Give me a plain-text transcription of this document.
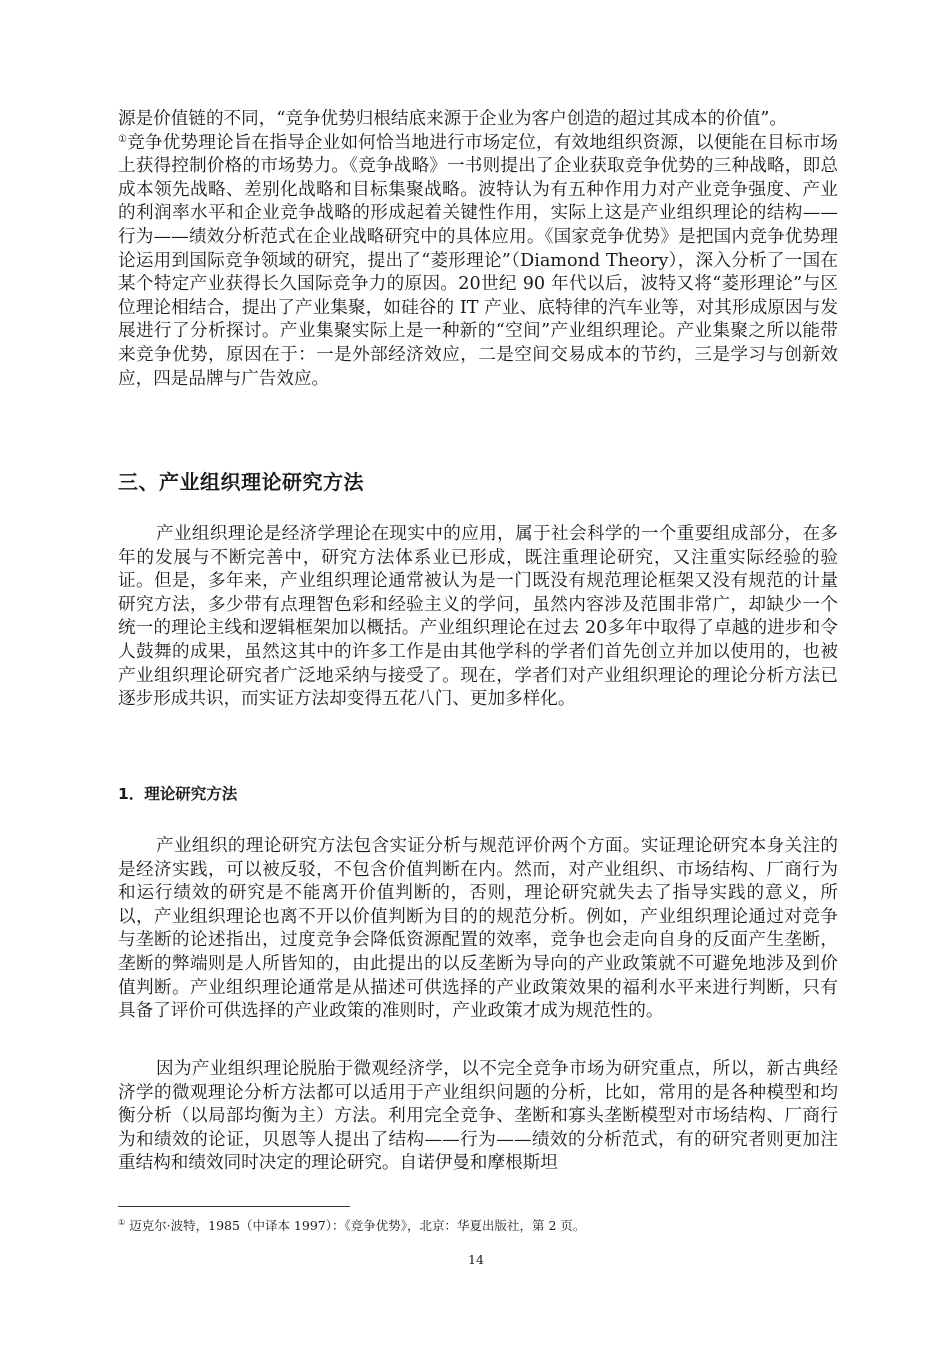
源是价值链的不同，“竞争优势归根结底来源于企业为客户创造的超过其成本的价值”。
①竞争优势理论旨在指导企业如何恰当地进行市场定位，有效地组织资源，以便能在目标市场上获得控制价格的市场势力。《竞争战略》一书则提出了企业获取竞争优势的三种战略，即总成本领先战略、差别化战略和目标集聚战略。波特认为有五种作用力对产业竞争强度、产业的利润率水平和企业竞争战略的形成起着关键性作用，实际上这是产业组织理论的结构——行为——绩效分析范式在企业战略研究中的具体应用。《国家竞争优势》是把国内竞争优势理论运用到国际竞争领域的研究，提出了“菱形理论”（Diamond Theory），深入分析了一国在某个特定产业获得长久国际竞争力的原因。20世纪 90 年代以后，波特又将“菱形理论”与区位理论相结合，提出了产业集聚，如硅谷的 IT 产业、底特律的汽车业等，对其形成原因与发展进行了分析探讨。产业集聚实际上是一种新的“空间”产业组织理论。产业集聚之所以能带来竞争优势，原因在于：一是外部经济效应，二是空间交易成本的节约，三是学习与创新效应，四是品牌与广告效应。

三、产业组织理论研究方法

产业组织理论是经济学理论在现实中的应用，属于社会科学的一个重要组成部分，在多年的发展与不断完善中，研究方法体系业已形成，既注重理论研究，又注重实际经验的验证。但是，多年来，产业组织理论通常被认为是一门既没有规范理论框架又没有规范的计量研究方法，多少带有点理智色彩和经验主义的学问，虽然内容涉及范围非常广，却缺少一个统一的理论主线和逻辑框架加以概括。产业组织理论在过去 20多年中取得了卓越的进步和令人鼓舞的成果，虽然这其中的许多工作是由其他学科的学者们首先创立并加以使用的，也被产业组织理论研究者广泛地采纳与接受了。现在，学者们对产业组织理论的理论分析方法已逐步形成共识，而实证方法却变得五花八门、更加多样化。

1．理论研究方法

产业组织的理论研究方法包含实证分析与规范评价两个方面。实证理论研究本身关注的是经济实践，可以被反驳，不包含价值判断在内。然而，对产业组织、市场结构、厂商行为和运行绩效的研究是不能离开价值判断的，否则，理论研究就失去了指导实践的意义，所以，产业组织理论也离不开以价值判断为目的的规范分析。例如，产业组织理论通过对竞争与垄断的论述指出，过度竞争会降低资源配置的效率，竞争也会走向自身的反面产生垄断，垄断的弊端则是人所皆知的，由此提出的以反垄断为导向的产业政策就不可避免地涉及到价值判断。产业组织理论通常是从描述可供选择的产业政策效果的福利水平来进行判断，只有具备了评价可供选择的产业政策的准则时，产业政策才成为规范性的。

因为产业组织理论脱胎于微观经济学，以不完全竞争市场为研究重点，所以，新古典经济学的微观理论分析方法都可以适用于产业组织问题的分析，比如，常用的是各种模型和均衡分析（以局部均衡为主）方法。利用完全竞争、垄断和寡头垄断模型对市场结构、厂商行为和绩效的论证，贝恩等人提出了结构——行为——绩效的分析范式，有的研究者则更加注重结构和绩效同时决定的理论研究。自诺伊曼和摩根斯坦

① 迈克尔·波特，1985（中译本 1997）：《竞争优势》，北京：华夏出版社，第 2 页。

14
